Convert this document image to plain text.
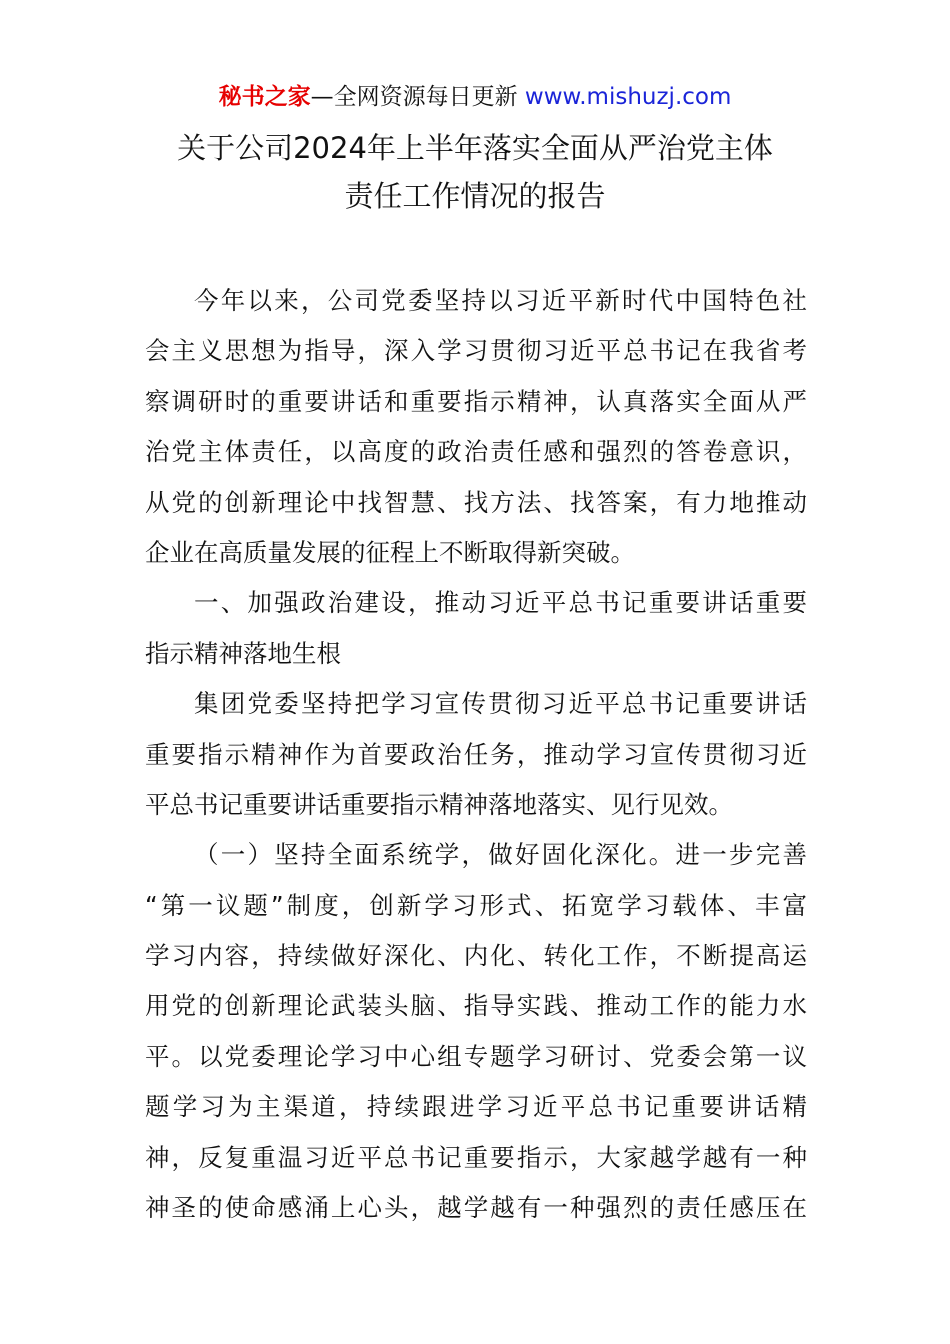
秘书之家—全网资源每日更新 www.mishuzj.com
关于公司2024年上半年落实全面从严治党主体
责任工作情况的报告
今年以来，公司党委坚持以习近平新时代中国特色社
会主义思想为指导，深入学习贯彻习近平总书记在我省考
察调研时的重要讲话和重要指示精神，认真落实全面从严
治党主体责任，以高度的政治责任感和强烈的答卷意识，
从党的创新理论中找智慧、找方法、找答案，有力地推动
企业在高质量发展的征程上不断取得新突破。
一、加强政治建设，推动习近平总书记重要讲话重要
指示精神落地生根
集团党委坚持把学习宣传贯彻习近平总书记重要讲话
重要指示精神作为首要政治任务，推动学习宣传贯彻习近
平总书记重要讲话重要指示精神落地落实、见行见效。
（一）坚持全面系统学，做好固化深化。进一步完善
“第一议题”制度，创新学习形式、拓宽学习载体、丰富
学习内容，持续做好深化、内化、转化工作，不断提高运
用党的创新理论武装头脑、指导实践、推动工作的能力水
平。以党委理论学习中心组专题学习研讨、党委会第一议
题学习为主渠道，持续跟进学习近平总书记重要讲话精
神，反复重温习近平总书记重要指示，大家越学越有一种
神圣的使命感涌上心头，越学越有一种强烈的责任感压在
